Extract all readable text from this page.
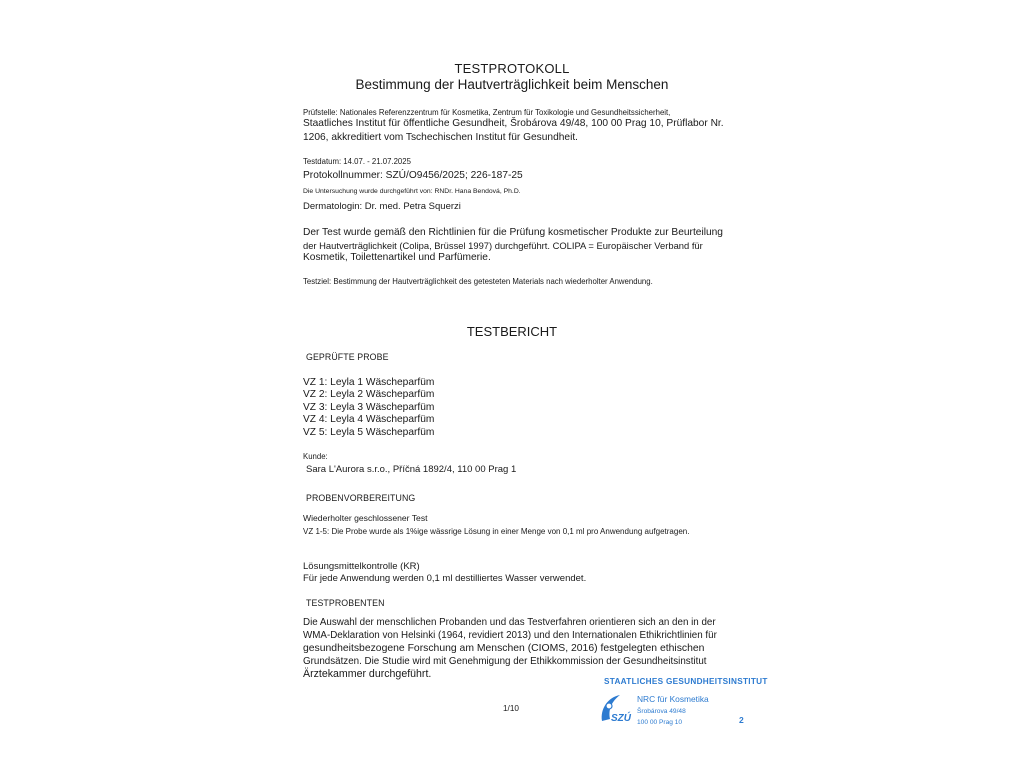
TESTPROTOKOLL
Bestimmung der Hautverträglichkeit beim Menschen
Prüfstelle: Nationales Referenzzentrum für Kosmetika, Zentrum für Toxikologie und Gesundheitssicherheit,
Staatliches Institut für öffentliche Gesundheit, Šrobárova 49/48, 100 00 Prag 10, Prüflabor Nr.
1206, akkreditiert vom Tschechischen Institut für Gesundheit.
Testdatum: 14.07. - 21.07.2025
Protokollnummer: SZÚ/O9456/2025; 226-187-25
Die Untersuchung wurde durchgeführt von: RNDr. Hana Bendová, Ph.D.
Dermatologin: Dr. med. Petra Squerzi
Der Test wurde gemäß den Richtlinien für die Prüfung kosmetischer Produkte zur Beurteilung
der Hautverträglichkeit (Colipa, Brüssel 1997) durchgeführt. COLIPA = Europäischer Verband für
Kosmetik, Toilettenartikel und Parfümerie.
Testziel: Bestimmung der Hautverträglichkeit des getesteten Materials nach wiederholter Anwendung.
TESTBERICHT
GEPRÜFTE PROBE
VZ 1: Leyla 1 Wäscheparfüm
VZ 2: Leyla 2 Wäscheparfüm
VZ 3: Leyla 3 Wäscheparfüm
VZ 4: Leyla 4 Wäscheparfüm
VZ 5: Leyla 5 Wäscheparfüm
Kunde:
Sara L'Aurora s.r.o., Příčná 1892/4, 110 00 Prag 1
PROBENVORBEREITUNG
Wiederholter geschlossener Test
VZ 1-5: Die Probe wurde als 1%ige wässrige Lösung in einer Menge von 0,1 ml pro Anwendung aufgetragen.
Lösungsmittelkontrolle (KR)
Für jede Anwendung werden 0,1 ml destilliertes Wasser verwendet.
TESTPROBENTEN
Die Auswahl der menschlichen Probanden und das Testverfahren orientieren sich an den in der
WMA-Deklaration von Helsinki (1964, revidiert 2013) und den Internationalen Ethikrichtlinien für
gesundheitsbezogene Forschung am Menschen (CIOMS, 2016) festgelegten ethischen
Grundsätzen. Die Studie wird mit Genehmigung der Ethikkommission der Gesundheitsinstitut
Ärztekammer durchgeführt.
STAATLICHES GESUNDHEITSINSTITUT
SZÚ
NRC für Kosmetika
Šrobárova 49/48
100 00 Prag 10	2
1/10
